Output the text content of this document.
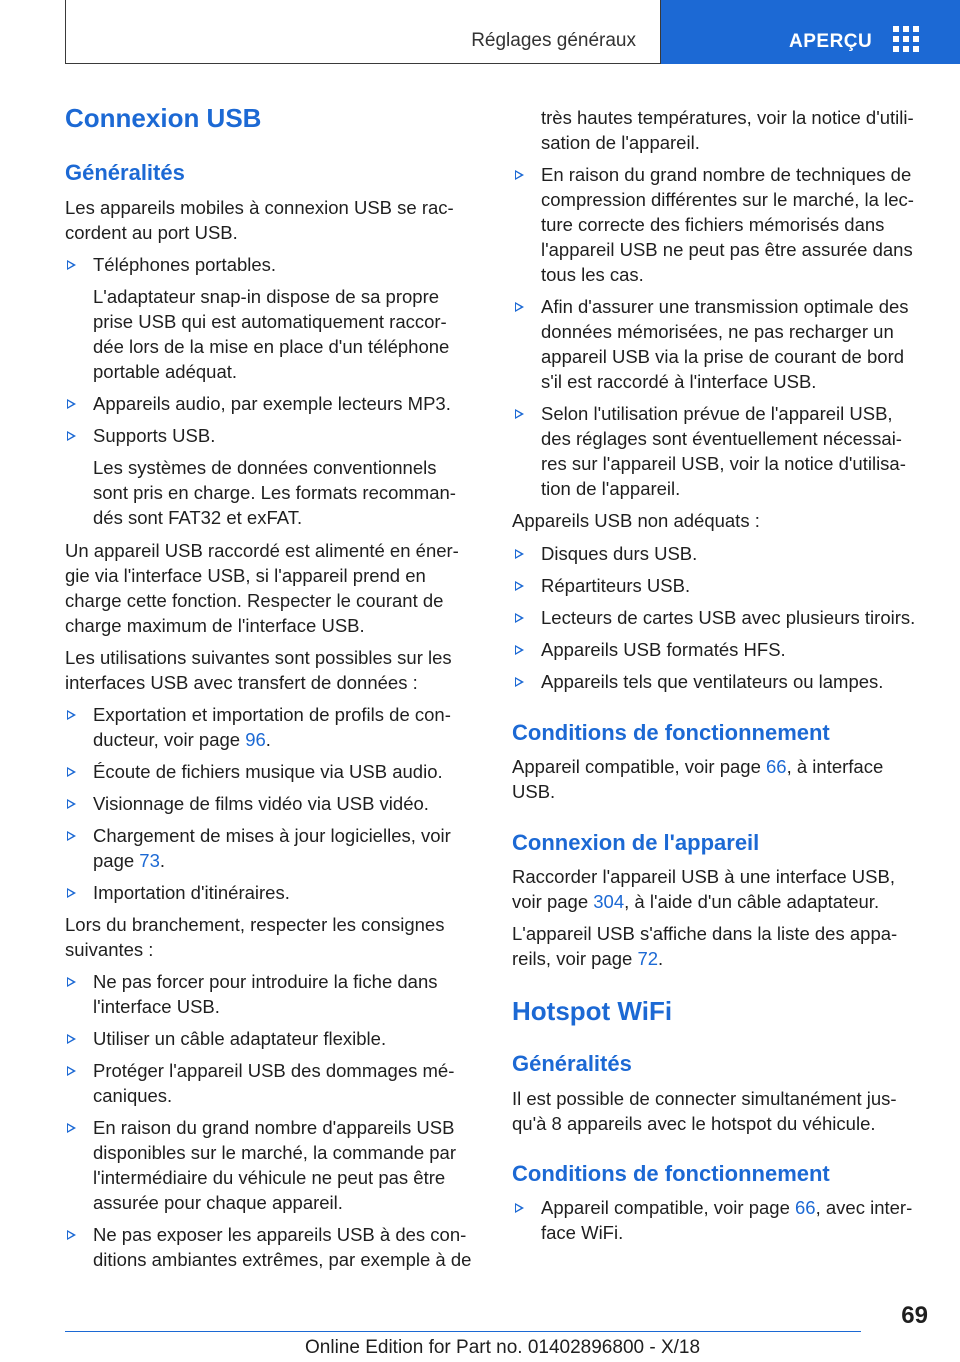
Réglages généraux	APERÇU
Connexion USB
Généralités
Les appareils mobiles à connexion USB se rac-
cordent au port USB.
Téléphones portables.
L'adaptateur snap-in dispose de sa propre
prise USB qui est automatiquement raccor-
dée lors de la mise en place d'un téléphone
portable adéquat.
Appareils audio, par exemple lecteurs MP3.
Supports USB.
Les systèmes de données conventionnels
sont pris en charge. Les formats recomman-
dés sont FAT32 et exFAT.
Un appareil USB raccordé est alimenté en éner-
gie via l'interface USB, si l'appareil prend en
charge cette fonction. Respecter le courant de
charge maximum de l'interface USB.
Les utilisations suivantes sont possibles sur les
interfaces USB avec transfert de données :
Exportation et importation de profils de con-
ducteur, voir page 96.
Écoute de fichiers musique via USB audio.
Visionnage de films vidéo via USB vidéo.
Chargement de mises à jour logicielles, voir
page 73.
Importation d'itinéraires.
Lors du branchement, respecter les consignes
suivantes :
Ne pas forcer pour introduire la fiche dans
l'interface USB.
Utiliser un câble adaptateur flexible.
Protéger l'appareil USB des dommages mé-
caniques.
En raison du grand nombre d'appareils USB
disponibles sur le marché, la commande par
l'intermédiaire du véhicule ne peut pas être
assurée pour chaque appareil.
Ne pas exposer les appareils USB à des con-
ditions ambiantes extrêmes, par exemple à de
très hautes températures, voir la notice d'utili-
sation de l'appareil.
En raison du grand nombre de techniques de
compression différentes sur le marché, la lec-
ture correcte des fichiers mémorisés dans
l'appareil USB ne peut pas être assurée dans
tous les cas.
Afin d'assurer une transmission optimale des
données mémorisées, ne pas recharger un
appareil USB via la prise de courant de bord
s'il est raccordé à l'interface USB.
Selon l'utilisation prévue de l'appareil USB,
des réglages sont éventuellement nécessai-
res sur l'appareil USB, voir la notice d'utilisa-
tion de l'appareil.
Appareils USB non adéquats :
Disques durs USB.
Répartiteurs USB.
Lecteurs de cartes USB avec plusieurs tiroirs.
Appareils USB formatés HFS.
Appareils tels que ventilateurs ou lampes.
Conditions de fonctionnement
Appareil compatible, voir page 66, à interface
USB.
Connexion de l'appareil
Raccorder l'appareil USB à une interface USB,
voir page 304, à l'aide d'un câble adaptateur.
L'appareil USB s'affiche dans la liste des appa-
reils, voir page 72.
Hotspot WiFi
Généralités
Il est possible de connecter simultanément jus-
qu'à 8 appareils avec le hotspot du véhicule.
Conditions de fonctionnement
Appareil compatible, voir page 66, avec inter-
face WiFi.
69
Online Edition for Part no. 01402896800 - X/18
